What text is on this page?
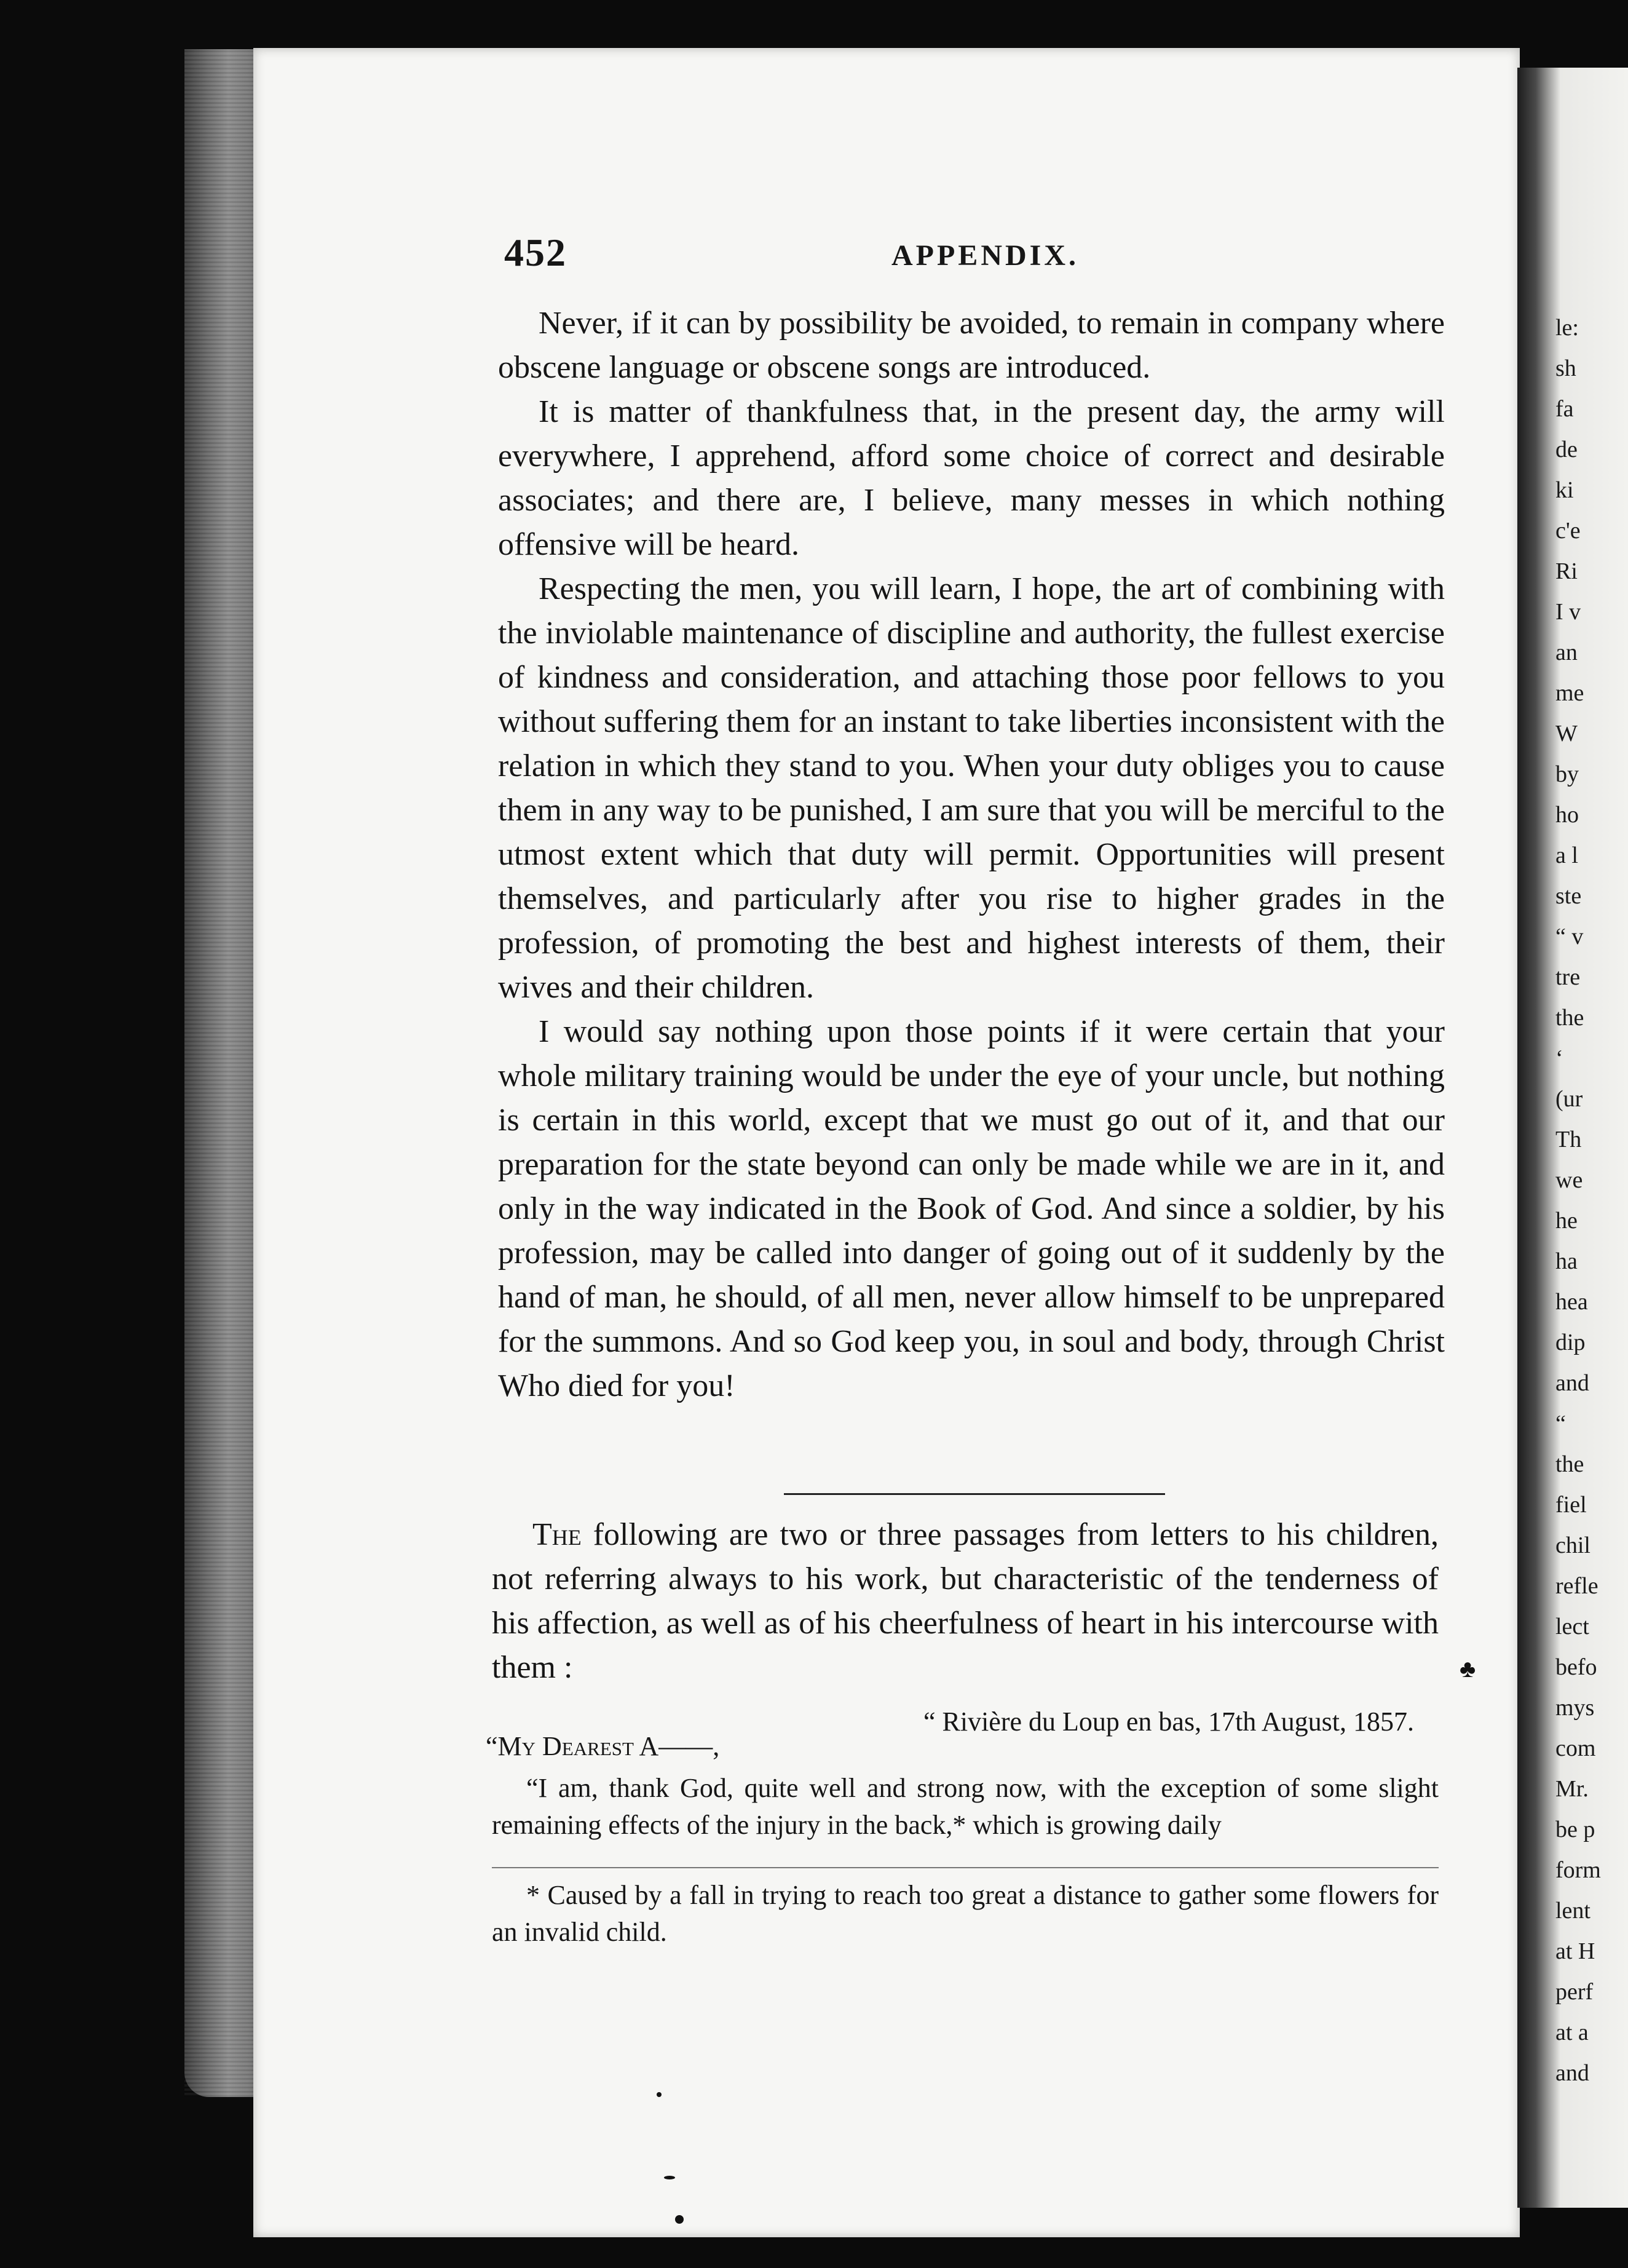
le:
sh
fa
de
ki
c'e
Ri
I v
an
me
W
by
ho
a l
ste
“ v
tre
the
‘
(ur
Th
we
he
ha
hea
dip
and
“
the
fiel
chil
refle
lect
befo
mys
com
Mr.
be p
form
lent
at H
perf
at a
and
452	APPENDIX.

Never, if it can by possibility be avoided, to remain in company where obscene language or obscene songs are introduced.

It is matter of thankfulness that, in the present day, the army will everywhere, I apprehend, afford some choice of correct and desirable associates; and there are, I believe, many messes in which nothing offensive will be heard.

Respecting the men, you will learn, I hope, the art of combining with the inviolable maintenance of discipline and authority, the fullest exercise of kindness and consideration, and attaching those poor fellows to you without suffering them for an instant to take liberties inconsistent with the relation in which they stand to you. When your duty obliges you to cause them in any way to be punished, I am sure that you will be merciful to the utmost extent which that duty will permit. Opportunities will present themselves, and particularly after you rise to higher grades in the profession, of promoting the best and highest interests of them, their wives and their children.

I would say nothing upon those points if it were certain that your whole military training would be under the eye of your uncle, but nothing is certain in this world, except that we must go out of it, and that our preparation for the state beyond can only be made while we are in it, and only in the way indicated in the Book of God. And since a soldier, by his profession, may be called into danger of going out of it suddenly by the hand of man, he should, of all men, never allow himself to be unprepared for the summons. And so God keep you, in soul and body, through Christ Who died for you!

The following are two or three passages from letters to his children, not referring always to his work, but characteristic of the tenderness of his affection, as well as of his cheerfulness of heart in his intercourse with them :
“ Rivière du Loup en bas, 17th August, 1857.
“My Dearest A——,
“I am, thank God, quite well and strong now, with the exception of some slight remaining effects of the injury in the back,* which is growing daily
* Caused by a fall in trying to reach too great a distance to gather some flowers for an invalid child.
♣
